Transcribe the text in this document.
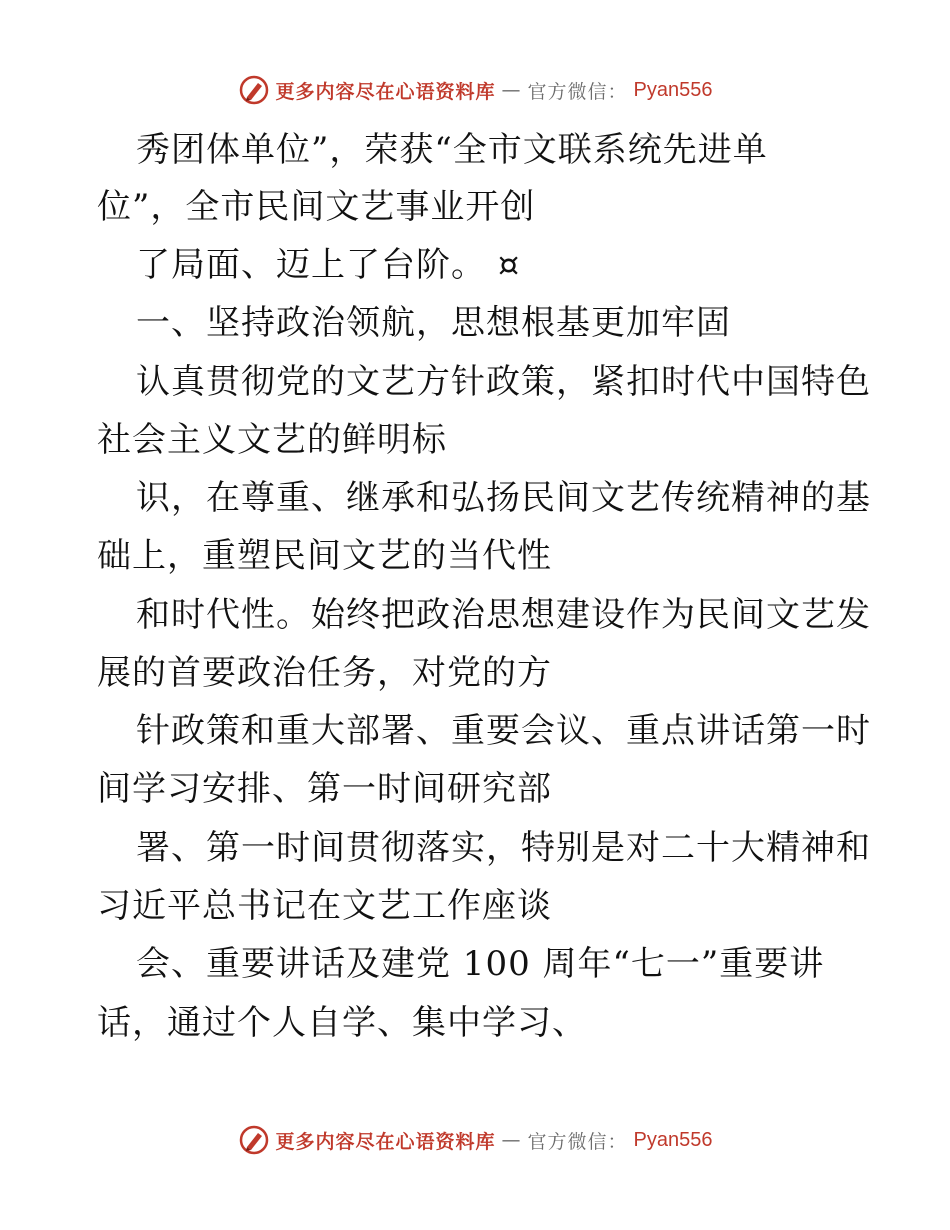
更多内容尽在心语资料库 — 官方微信： Pyan556
秀团体单位”，荣获“全市文联系统先进单
位”，全市民间文艺事业开创
了局面、迈上了台阶。 ¤
一、坚持政治领航，思想根基更加牢固
认真贯彻党的文艺方针政策，紧扣时代中国特色
社会主义文艺的鲜明标
识，在尊重、继承和弘扬民间文艺传统精神的基
础上，重塑民间文艺的当代性
和时代性。始终把政治思想建设作为民间文艺发
展的首要政治任务，对党的方
针政策和重大部署、重要会议、重点讲话第一时
间学习安排、第一时间研究部
署、第一时间贯彻落实，特别是对二十大精神和
习近平总书记在文艺工作座谈
会、重要讲话及建党 100 周年“七一”重要讲
话，通过个人自学、集中学习、
更多内容尽在心语资料库 — 官方微信： Pyan556
